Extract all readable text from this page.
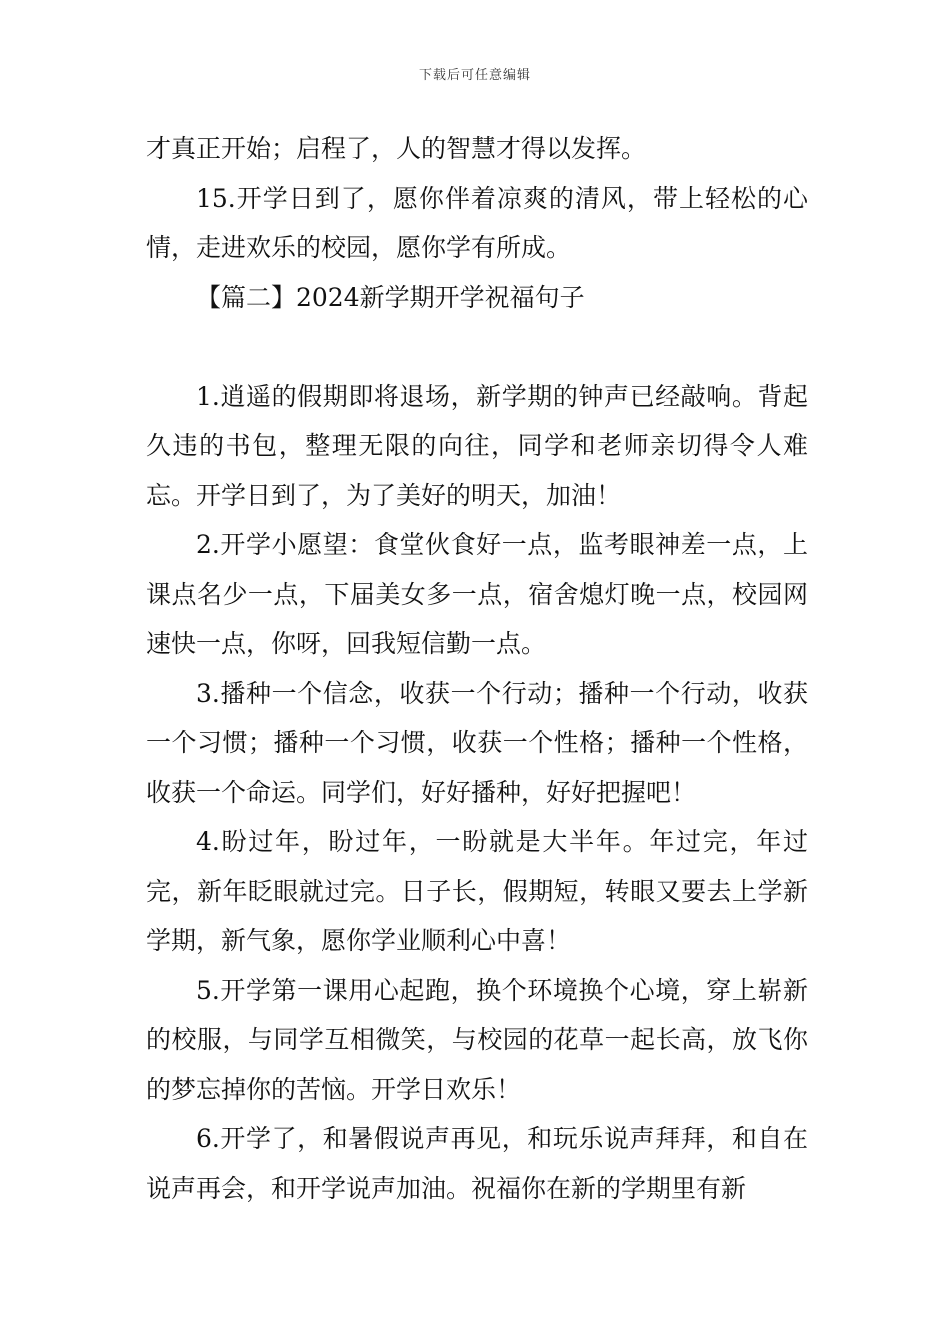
下载后可任意编辑

才真正开始；启程了，人的智慧才得以发挥。

15.开学日到了，愿你伴着凉爽的清风，带上轻松的心情，走进欢乐的校园，愿你学有所成。

【篇二】2024新学期开学祝福句子

1.逍遥的假期即将退场，新学期的钟声已经敲响。背起久违的书包，整理无限的向往，同学和老师亲切得令人难忘。开学日到了，为了美好的明天，加油！

2.开学小愿望：食堂伙食好一点，监考眼神差一点，上课点名少一点，下届美女多一点，宿舍熄灯晚一点，校园网速快一点，你呀，回我短信勤一点。

3.播种一个信念，收获一个行动；播种一个行动，收获一个习惯；播种一个习惯，收获一个性格；播种一个性格，收获一个命运。同学们，好好播种，好好把握吧！

4.盼过年，盼过年，一盼就是大半年。年过完，年过完，新年眨眼就过完。日子长，假期短，转眼又要去上学新学期，新气象，愿你学业顺利心中喜！

5.开学第一课用心起跑，换个环境换个心境，穿上崭新的校服，与同学互相微笑，与校园的花草一起长高，放飞你的梦忘掉你的苦恼。开学日欢乐！

6.开学了，和暑假说声再见，和玩乐说声拜拜，和自在说声再会，和开学说声加油。祝福你在新的学期里有新
